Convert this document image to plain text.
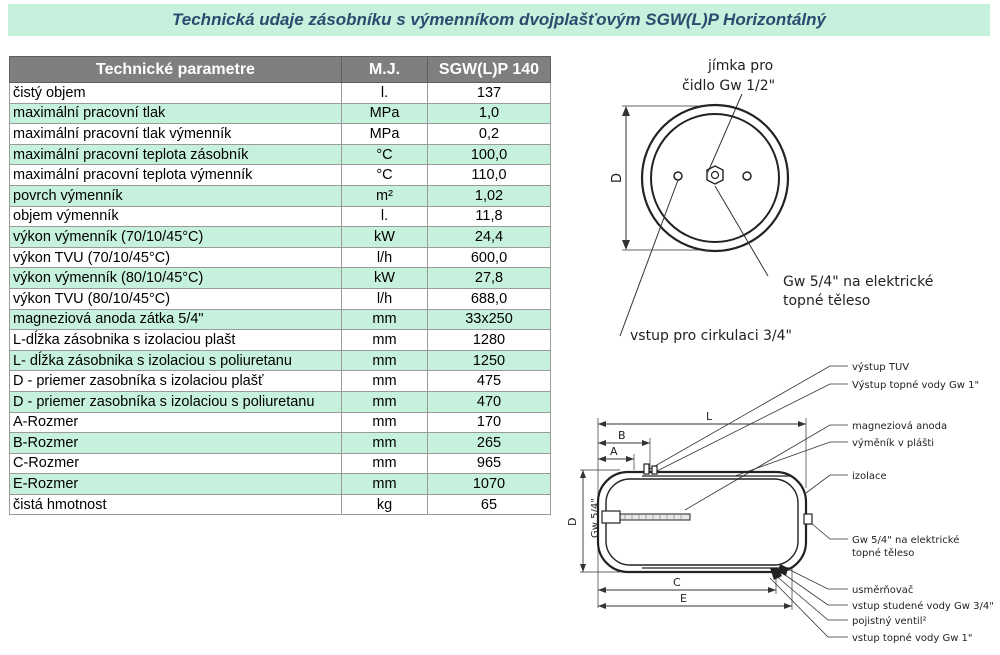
Technická udaje zásobníku s výmenníkom dvojplašťovým SGW(L)P Horizontálný
Technické parametre	M.J.	SGW(L)P 140
čistý objem	l.	137
maximální pracovní tlak	MPa	1,0
maximální pracovní tlak výmenník	MPa	0,2
maximální pracovní teplota zásobník	°C	100,0
maximální pracovní teplota výmenník	°C	110,0
povrch výmenník	m²	1,02
objem výmenník	l.	11,8
výkon výmenník (70/10/45°C)	kW	24,4
výkon TVU (70/10/45°C)	l/h	600,0
výkon výmenník (80/10/45°C)	kW	27,8
výkon TVU (80/10/45°C)	l/h	688,0
magneziová anoda zátka 5/4"	mm	33x250
L-dĺžka zásobnika s izolaciou plašt	mm	1280
L- dĺžka zásobnika s izolaciou s poliuretanu	mm	1250
D - priemer zasobníka s izolaciou plašť	mm	475
D - priemer zasobníka s izolaciou s poliuretanu	mm	470
A-Rozmer	mm	170
B-Rozmer	mm	265
C-Rozmer	mm	965
E-Rozmer	mm	1070
čistá hmotnost	kg	65
jímka pro
čidlo Gw 1/2"
D
Gw 5/4" na elektrické
topné těleso
vstup pro cirkulaci 3/4"
výstup TUV
Výstup topné vody Gw 1"
magneziová anoda
výměník v plášti
izolace
Gw 5/4" na elektrické
topné těleso
usměrňovač
vstup studené vody Gw 3/4"
pojistný ventil²
vstup topné vody Gw 1"
L
B
A
D Gw 5/4"
C
E
